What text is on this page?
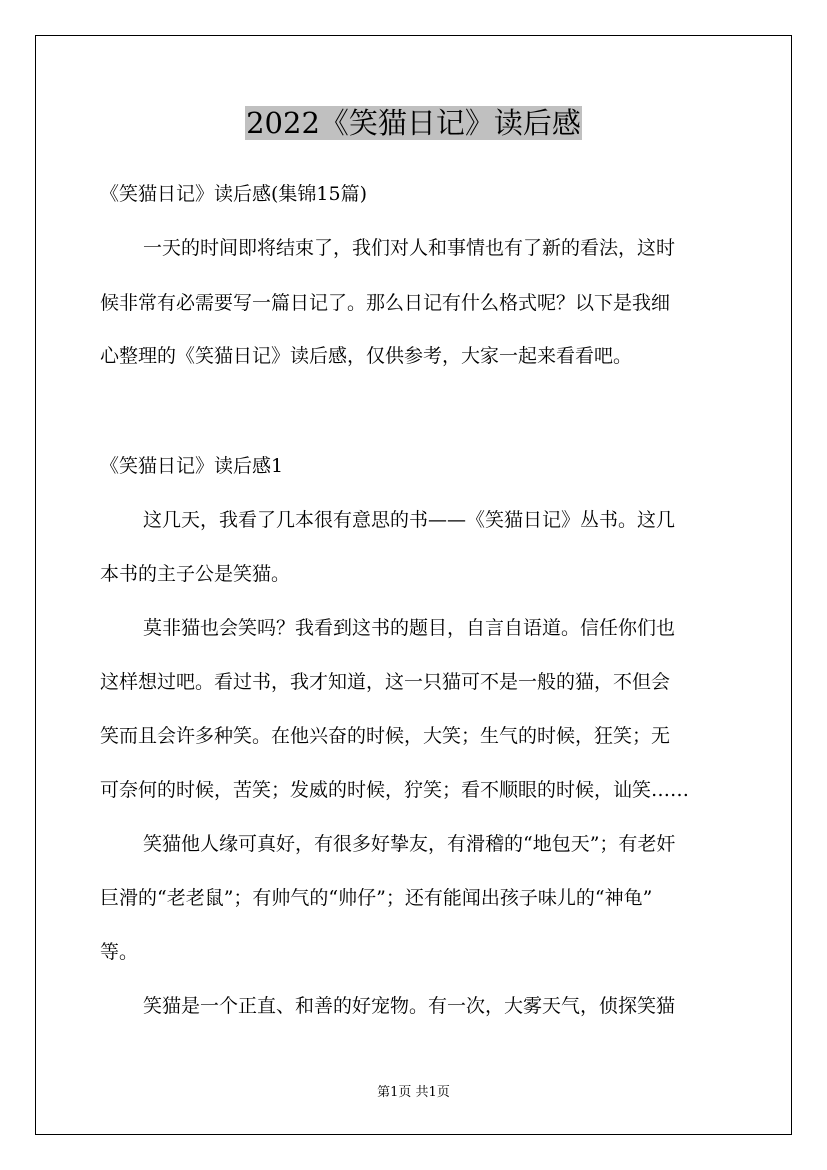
2022《笑猫日记》读后感
《笑猫日记》读后感(集锦15篇)
一天的时间即将结束了，我们对人和事情也有了新的看法，这时
候非常有必需要写一篇日记了。那么日记有什么格式呢？以下是我细
心整理的《笑猫日记》读后感，仅供参考，大家一起来看看吧。
《笑猫日记》读后感1
这几天，我看了几本很有意思的书——《笑猫日记》丛书。这几
本书的主子公是笑猫。
莫非猫也会笑吗？我看到这书的题目，自言自语道。信任你们也
这样想过吧。看过书，我才知道，这一只猫可不是一般的猫，不但会
笑而且会许多种笑。在他兴奋的时候，大笑；生气的时候，狂笑；无
可奈何的时候，苦笑；发威的时候，狞笑；看不顺眼的时候，讪笑……
笑猫他人缘可真好，有很多好挚友，有滑稽的“地包天”；有老奸
巨滑的“老老鼠”；有帅气的“帅仔”；还有能闻出孩子味儿的“神龟”
等。
笑猫是一个正直、和善的好宠物。有一次，大雾天气，侦探笑猫
第1页 共1页
